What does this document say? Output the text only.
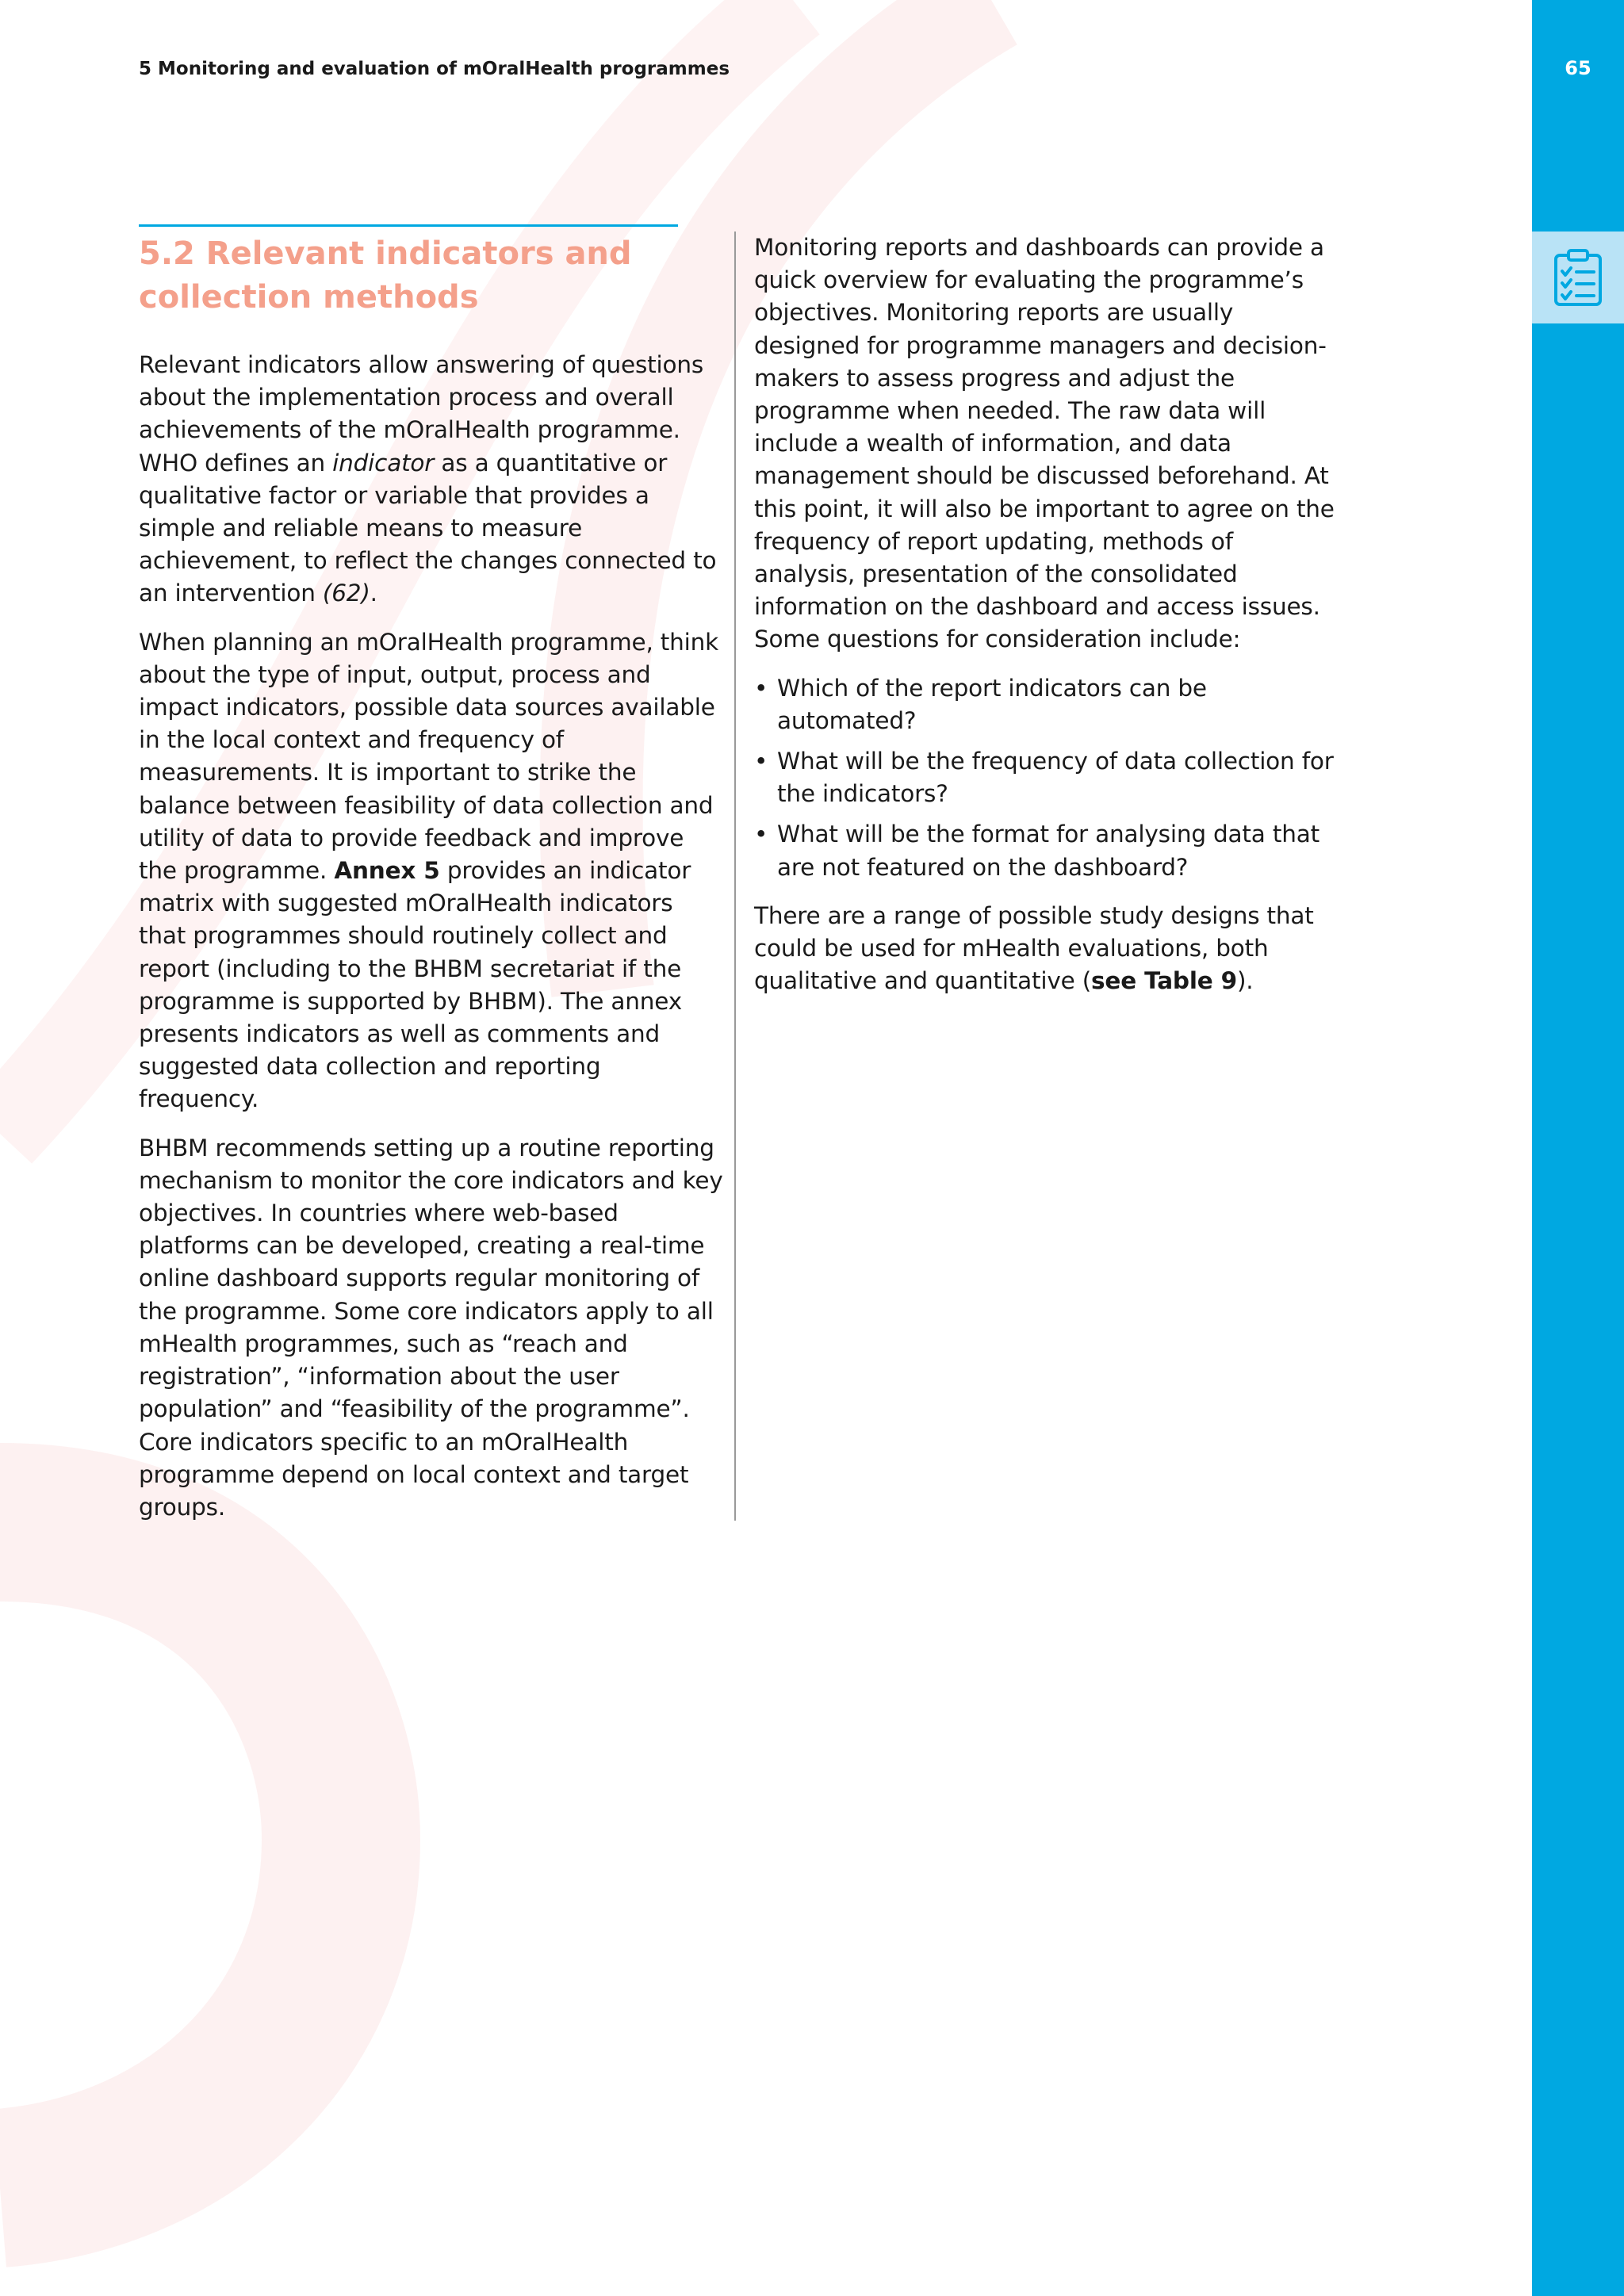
5 Monitoring and evaluation of mOralHealth programmes	65
5.2 Relevant indicators and collection methods

Relevant indicators allow answering of questions about the implementation process and overall achievements of the mOralHealth programme. WHO defines an indicator as a quantitative or qualitative factor or variable that provides a simple and reliable means to measure achievement, to reflect the changes connected to an intervention (62).

When planning an mOralHealth programme, think about the type of input, output, process and impact indicators, possible data sources available in the local context and frequency of measurements. It is important to strike the balance between feasibility of data collection and utility of data to provide feedback and improve the programme. Annex 5 provides an indicator matrix with suggested mOralHealth indicators that programmes should routinely collect and report (including to the BHBM secretariat if the programme is supported by BHBM). The annex presents indicators as well as comments and suggested data collection and reporting frequency.

BHBM recommends setting up a routine reporting mechanism to monitor the core indicators and key objectives. In countries where web-based platforms can be developed, creating a real-time online dashboard supports regular monitoring of the programme. Some core indicators apply to all mHealth programmes, such as “reach and registration”, “information about the user population” and “feasibility of the programme”. Core indicators specific to an mOralHealth programme depend on local context and target groups.

Monitoring reports and dashboards can provide a quick overview for evaluating the programme’s objectives. Monitoring reports are usually designed for programme managers and decision-makers to assess progress and adjust the programme when needed. The raw data will include a wealth of information, and data management should be discussed beforehand. At this point, it will also be important to agree on the frequency of report updating, methods of analysis, presentation of the consolidated information on the dashboard and access issues. Some questions for consideration include:

• Which of the report indicators can be automated?
• What will be the frequency of data collection for the indicators?
• What will be the format for analysing data that are not featured on the dashboard?

There are a range of possible study designs that could be used for mHealth evaluations, both qualitative and quantitative (see Table 9).
